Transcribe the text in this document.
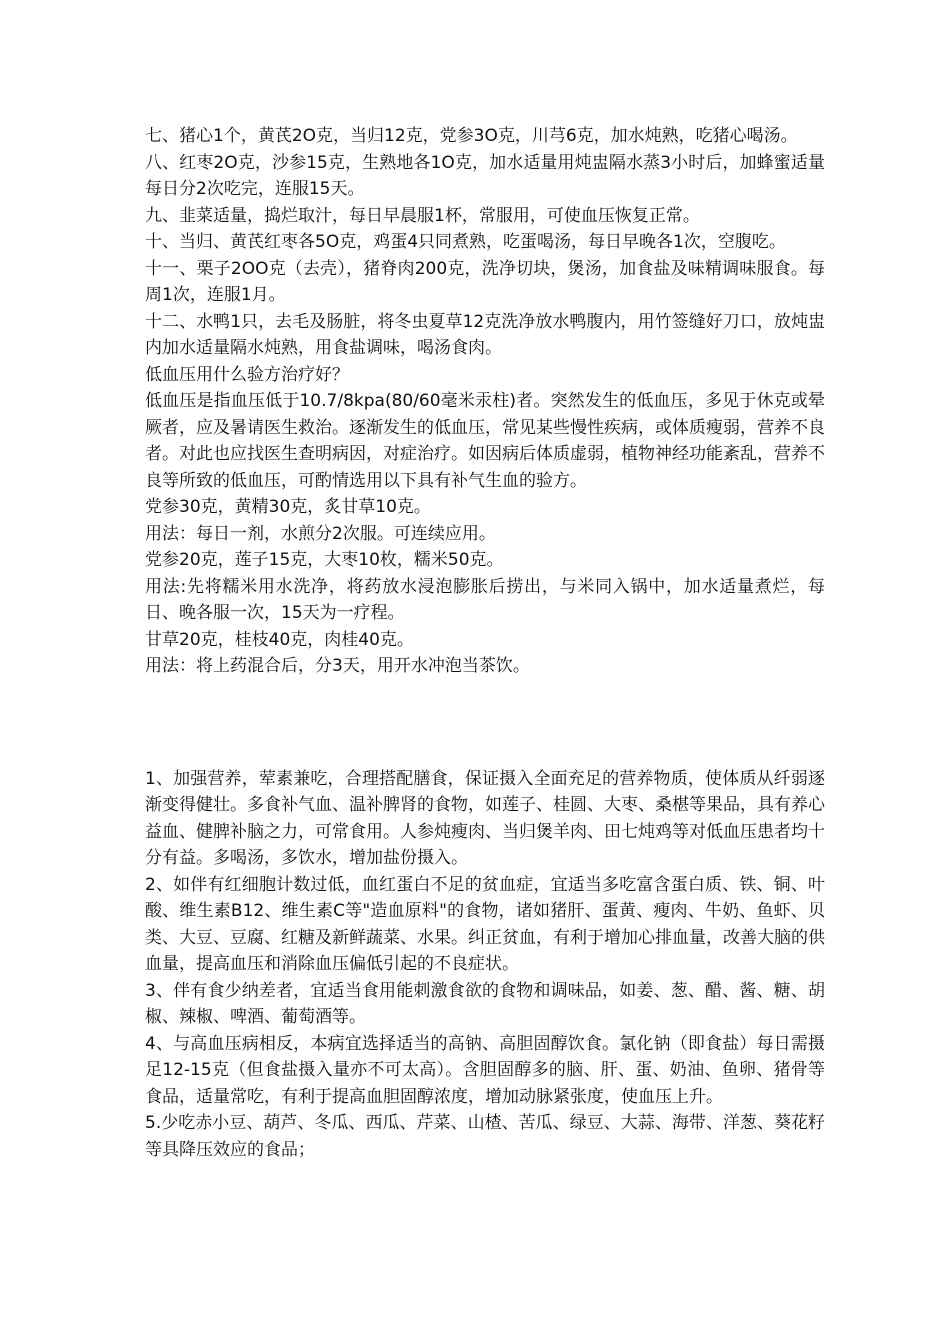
七、猪心1个，黄芪2O克，当归12克，党参3O克，川芎6克，加水炖熟，吃猪心喝汤。

八、红枣2O克，沙参15克，生熟地各1O克，加水适量用炖盅隔水蒸3小时后，加蜂蜜适量每日分2次吃完，连服15天。

九、韭菜适量，捣烂取汁，每日早晨服1杯，常服用，可使血压恢复正常。

十、当归、黄芪红枣各5O克，鸡蛋4只同煮熟，吃蛋喝汤，每日早晚各1次，空腹吃。

十一、栗子2OO克（去壳），猪脊肉200克，洗净切块，煲汤，加食盐及味精调味服食。每周1次，连服1月。

十二、水鸭1只，去毛及肠脏，将冬虫夏草12克洗净放水鸭腹内，用竹签缝好刀口，放炖盅内加水适量隔水炖熟，用食盐调味，喝汤食肉。

低血压用什么验方治疗好？

低血压是指血压低于10.7/8kpa(80/60毫米汞柱)者。突然发生的低血压，多见于休克或晕厥者，应及暑请医生救治。逐渐发生的低血压，常见某些慢性疾病，或体质瘦弱，营养不良者。对此也应找医生查明病因，对症治疗。如因病后体质虚弱，植物神经功能紊乱，营养不良等所致的低血压，可酌情选用以下具有补气生血的验方。

党参30克，黄精30克，炙甘草10克。

用法：每日一剂，水煎分2次服。可连续应用。

党参20克，莲子15克，大枣10枚，糯米50克。

用法:先将糯米用水洗净，将药放水浸泡膨胀后捞出，与米同入锅中，加水适量煮烂，每日、晚各服一次，15天为一疗程。

甘草20克，桂枝40克，肉桂40克。

用法：将上药混合后，分3天，用开水冲泡当茶饮。

1、加强营养，荤素兼吃，合理搭配膳食，保证摄入全面充足的营养物质，使体质从纤弱逐渐变得健壮。多食补气血、温补脾肾的食物，如莲子、桂圆、大枣、桑椹等果品，具有养心益血、健脾补脑之力，可常食用。人参炖瘦肉、当归煲羊肉、田七炖鸡等对低血压患者均十分有益。多喝汤，多饮水，增加盐份摄入。

2、如伴有红细胞计数过低，血红蛋白不足的贫血症，宜适当多吃富含蛋白质、铁、铜、叶酸、维生素B12、维生素C等"造血原料"的食物，诸如猪肝、蛋黄、瘦肉、牛奶、鱼虾、贝类、大豆、豆腐、红糖及新鲜蔬菜、水果。纠正贫血，有利于增加心排血量，改善大脑的供血量，提高血压和消除血压偏低引起的不良症状。

3、伴有食少纳差者，宜适当食用能刺激食欲的食物和调味品，如姜、葱、醋、酱、糖、胡椒、辣椒、啤酒、葡萄酒等。

4、与高血压病相反，本病宜选择适当的高钠、高胆固醇饮食。氯化钠（即食盐）每日需摄足12-15克（但食盐摄入量亦不可太高）。含胆固醇多的脑、肝、蛋、奶油、鱼卵、猪骨等食品，适量常吃，有利于提高血胆固醇浓度，增加动脉紧张度，使血压上升。

5.少吃赤小豆、葫芦、冬瓜、西瓜、芹菜、山楂、苦瓜、绿豆、大蒜、海带、洋葱、葵花籽等具降压效应的食品；
